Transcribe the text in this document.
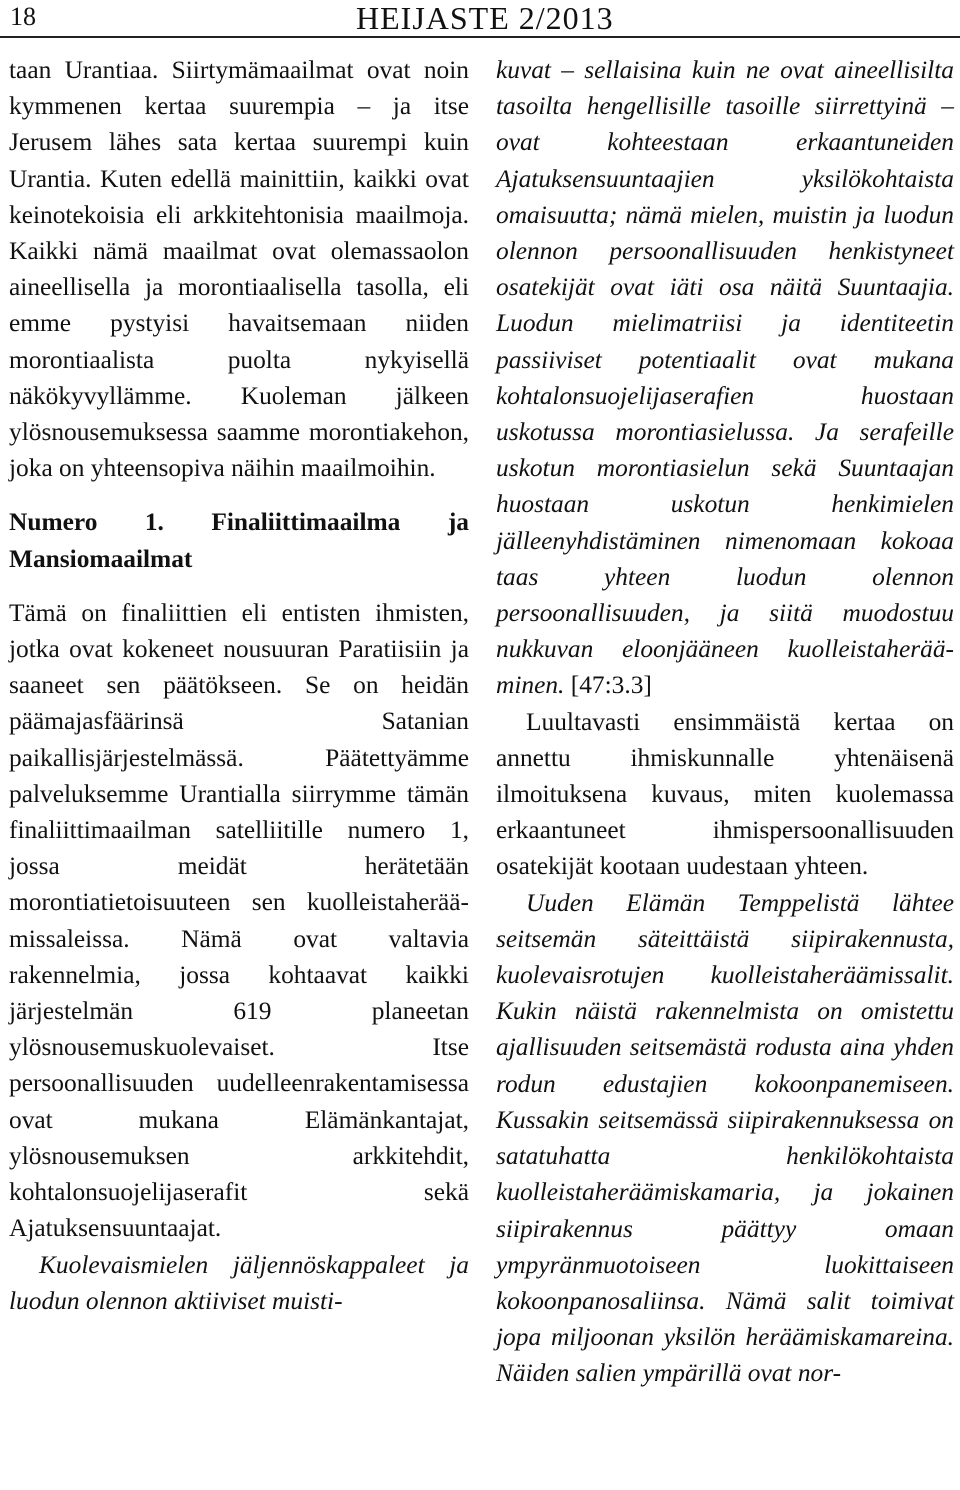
18	HEIJASTE 2/2013

taan Urantiaa. Siirtymämaailmat ovat noin kymmenen kertaa suurempia – ja itse Jerusem lähes sata kertaa suurempi kuin Urantia. Kuten edellä mainittiin, kaikki ovat keinotekoisia eli arkkitehtonisia maailmoja. Kaikki nämä maailmat ovat olemassaolon aineellisella ja morontiaalisella tasolla, eli emme pystyisi havaitsemaan niiden morontiaalista puolta nykyisellä näkökyvyllämme. Kuoleman jälkeen ylösnousemuksessa saamme morontiakehon, joka on yhteensopiva näihin maailmoihin.

Numero 1. Finaliittimaailma ja Mansiomaailmat

Tämä on finaliittien eli entisten ihmisten, jotka ovat kokeneet nousuuran Paratiisiin ja saaneet sen päätökseen. Se on heidän päämajasfäärinsä Satanian paikallisjärjestelmässä. Päätettyämme palveluksemme Urantialla siirrymme tämän finaliittimaailman satelliitille numero 1, jossa meidät herätetään morontiatietoisuuteen sen kuolleistaheräämissaleissa. Nämä ovat valtavia rakennelmia, jossa kohtaavat kaikki järjestelmän 619 planeetan ylösnousemuskuolevaiset. Itse persoonallisuuden uudelleenrakentamisessa ovat mukana Elämänkantajat, ylösnousemuksen arkkitehdit, kohtalonsuojelijaserafit sekä Ajatuksensuuntaajat.

Kuolevaismielen jäljennöskappaleet ja luodun olennon aktiiviset muisti-

kuvat – sellaisina kuin ne ovat aineellisilta tasoilta hengellisille tasoille siirrettyinä – ovat kohteestaan erkaantuneiden Ajatuksensuuntaajien yksilökohtaista omaisuutta; nämä mielen, muistin ja luodun olennon persoonallisuuden henkistyneet osatekijät ovat iäti osa näitä Suuntaajia. Luodun mielimatriisi ja identiteetin passiiviset potentiaalit ovat mukana kohtalonsuojelijaserafien huostaan uskotussa morontiasielussa. Ja serafeille uskotun morontiasielun sekä Suuntaajan huostaan uskotun henkimielen jälleenyhdistäminen nimenomaan kokoaa taas yhteen luodun olennon persoonallisuuden, ja siitä muodostuu nukkuvan eloonjääneen kuolleistaherääminen. [47:3.3]

Luultavasti ensimmäistä kertaa on annettu ihmiskunnalle yhtenäisenä ilmoituksena kuvaus, miten kuolemassa erkaantuneet ihmispersoonallisuuden osatekijät kootaan uudestaan yhteen.

Uuden Elämän Temppelistä lähtee seitsemän säteittäistä siipirakennusta, kuolevaisrotujen kuolleistaheräämissalit. Kukin näistä rakennelmista on omistettu ajallisuuden seitsemästä rodusta aina yhden rodun edustajien kokoonpanemiseen. Kussakin seitsemässä siipirakennuksessa on satatuhatta henkilökohtaista kuolleistaheräämiskamaria, ja jokainen siipirakennus päättyy omaan ympyränmuotoiseen luokittaiseen kokoonpanosaliinsa. Nämä salit toimivat jopa miljoonan yksilön heräämiskamareina. Näiden salien ympärillä ovat nor-
